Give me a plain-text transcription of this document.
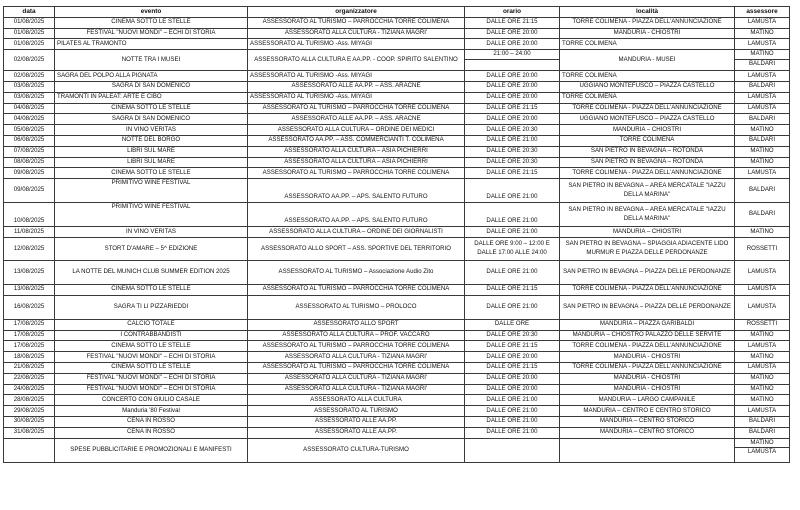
data	evento	organizzatore	orario	località	assessore
01/08/2025	CINEMA SOTTO LE STELLE	ASSESSORATO AL TURISMO – PARROCCHIA TORRE COLIMENA	DALLE ORE 21:15	TORRE COLIMENA - PIAZZA DELL'ANNUNCIAZIONE	LAMUSTA
01/08/2025	FESTIVAL "NUOVI MONDI" – ECHI DI STORIA	ASSESSORATO ALLA CULTURA - TIZIANA MAGRI'	DALLE ORE 20:00	MANDURIA - CHIOSTRI	MATINO
01/08/2025	PILATES AL TRAMONTO	ASSESSORATO AL TURISMO -Ass. MIYAGI	DALLE ORE 20:00	TORRE COLIMENA	LAMUSTA
02/08/2025	NOTTE TRA I MUSEI	ASSESSORATO ALLA CULTURA E AA.PP. - COOP. SPIRITO SALENTINO	21:00 – 24:00	MANDURIA - MUSEI	MATINO
BALDARI

02/08/2025	SAGRA DEL POLPO ALLA PIGNATA	ASSESSORATO AL TURISMO -Ass. MIYAGI	DALLE ORE 20:00	TORRE COLIMENA	LAMUSTA
03/08/2025	SAGRA DI SAN DOMENICO	ASSESSORATO ALLE AA.PP. – ASS. ARACNE	DALLE ORE 20:00	UGGIANO MONTEFUSCO – PIAZZA CASTELLO	BALDARI
03/08/2025	TRAMONTI IN PALEAT: ARTE E CIBO	ASSESSORATO AL TURISMO -Ass. MIYAGI	DALLE ORE 20:00	TORRE COLIMENA	LAMUSTA
04/08/2025	CINEMA SOTTO LE STELLE	ASSESSORATO AL TURISMO – PARROCCHIA TORRE COLIMENA	DALLE ORE 21:15	TORRE COLIMENA - PIAZZA DELL'ANNUNCIAZIONE	LAMUSTA
04/08/2025	SAGRA DI SAN DOMENICO	ASSESSORATO ALLE AA.PP. – ASS. ARACNE	DALLE ORE 20:00	UGGIANO MONTEFUSCO – PIAZZA CASTELLO	BALDARI
05/08/2025	IN VINO VERITAS	ASSESSORATO ALLA CULTURA – ORDINE DEI MEDICI	DALLE ORE 20:30	MANDURIA – CHIOSTRI	MATINO
06/08/2025	NOTTE DEL BORGO	ASSESSORATO AA.PP. – ASS. COMMERCIANTI T. COLIMENA	DALLE ORE 21:00	TORRE COLIMENA	BALDARI
07/08/2025	LIBRI SUL MARE	ASSESSORATO ALLA CULTURA – ASIA PICHIERRI	DALLE ORE 20:30	SAN PIETRO IN BEVAGNA – ROTONDA	MATINO
08/08/2025	LIBRI SUL MARE	ASSESSORATO ALLA CULTURA – ASIA PICHIERRI	DALLE ORE 20:30	SAN PIETRO IN BEVAGNA – ROTONDA	MATINO
09/08/2025	CINEMA SOTTO LE STELLE	ASSESSORATO AL TURISMO – PARROCCHIA TORRE COLIMENA	DALLE ORE 21:15	TORRE COLIMENA - PIAZZA DELL'ANNUNCIAZIONE	LAMUSTA
09/08/2025	PRIMITIVO WINE FESTIVAL	ASSESSORATO AA.PP. – APS. SALENTO FUTURO	DALLE ORE 21:00	SAN PIETRO IN BEVAGNA – AREA MERCATALE "IAZZU DELLA MARINA"	BALDARI
10/08/2025	PRIMITIVO WINE FESTIVAL	ASSESSORATO AA.PP. – APS. SALENTO FUTURO	DALLE ORE 21:00	SAN PIETRO IN BEVAGNA – AREA MERCATALE "IAZZU DELLA MARINA"	BALDARI
11/08/2025	IN VINO VERITAS	ASSESSORATO ALLA CULTURA – ORDINE DEI GIORNALISTI	DALLE ORE 21:00	MANDURIA – CHIOSTRI	MATINO
12/08/2025	STORT D'AMARE – 5^ EDIZIONE	ASSESSORATO ALLO SPORT – ASS. SPORTIVE DEL TERRITORIO	DALLE ORE 9:00 – 12:00 E DALLE 17:00 ALLE 24:00	SAN PIETRO IN BEVAGNA – SPIAGGIA ADIACENTE LIDO MURMUR E PIAZZA DELLE PERDONANZE	ROSSETTI
13/08/2025	LA NOTTE DEL MUNICH CLUB SUMMER EDITION 2025	ASSESSORATO AL TURISMO – Associazione Audio Zito	DALLE ORE 21:00	SAN PIETRO IN BEVAGNA – PIAZZA DELLE PERDONANZE	LAMUSTA
13/08/2025	CINEMA SOTTO LE STELLE	ASSESSORATO AL TURISMO – PARROCCHIA TORRE COLIMENA	DALLE ORE 21:15	TORRE COLIMENA - PIAZZA DELL'ANNUNCIAZIONE	LAMUSTA
16/08/2025	SAGRA TI LI PIZZARIEDDI	ASSESSORATO AL TURISMO – PROLOCO	DALLE ORE 21:00	SAN PIETRO IN BEVAGNA – PIAZZA DELLE PERDONANZE	LAMUSTA
17/08/2025	CALCIO TOTALE	ASSESSORATO ALLO SPORT	DALLE ORE	MANDURIA – PIAZZA GARIBALDI	ROSSETTI
17/08/2025	I CONTRABBANDISTI	ASSESSORATO ALLA CULTURA – PROF. VACCARO	DALLE ORE 20:30	MANDURIA – CHIOSTRO PALAZZO DELLE SERVITE	MATINO
17/08/2025	CINEMA SOTTO LE STELLE	ASSESSORATO AL TURISMO – PARROCCHIA TORRE COLIMENA	DALLE ORE 21:15	TORRE COLIMENA - PIAZZA DELL'ANNUNCIAZIONE	LAMUSTA
18/08/2025	FESTIVAL "NUOVI MONDI" – ECHI DI STORIA	ASSESSORATO ALLA CULTURA - TIZIANA MAGRI'	DALLE ORE 20:00	MANDURIA - CHIOSTRI	MATINO
21/08/2025	CINEMA SOTTO LE STELLE	ASSESSORATO AL TURISMO – PARROCCHIA TORRE COLIMENA	DALLE ORE 21:15	TORRE COLIMENA - PIAZZA DELL'ANNUNCIAZIONE	LAMUSTA
22/08/2025	FESTIVAL "NUOVI MONDI" – ECHI DI STORIA	ASSESSORATO ALLA CULTURA - TIZIANA MAGRI'	DALLE ORE 20:00	MANDURIA - CHIOSTRI	MATINO
24/08/2025	FESTIVAL "NUOVI MONDI" – ECHI DI STORIA	ASSESSORATO ALLA CULTURA - TIZIANA MAGRI'	DALLE ORE 20:00	MANDURIA - CHIOSTRI	MATINO
28/08/2025	CONCERTO CON GIULIO CASALE	ASSESSORATO ALLA CULTURA	DALLE ORE 21:00	MANDURIA – LARGO CAMPANILE	MATINO
29/08/2025	Manduria '80 Festival	ASSESSORATO AL TURISMO	DALLE ORE 21:00	MANDURIA – CENTRO E CENTRO STORICO	LAMUSTA
30/08/2025	CENA IN ROSSO	ASSESSORATO ALLE AA.PP.	DALLE ORE 21:00	MANDURIA – CENTRO STORICO	BALDARI
31/08/2025	CENA IN ROSSO	ASSESSORATO ALLE AA.PP.	DALLE ORE 21:00	MANDURIA – CENTRO STORICO	BALDARI
	SPESE PUBBLICITARIE E PROMOZIONALI E MANIFESTI	ASSESSORATO CULTURA-TURISMO			MATINO
LAMUSTA
